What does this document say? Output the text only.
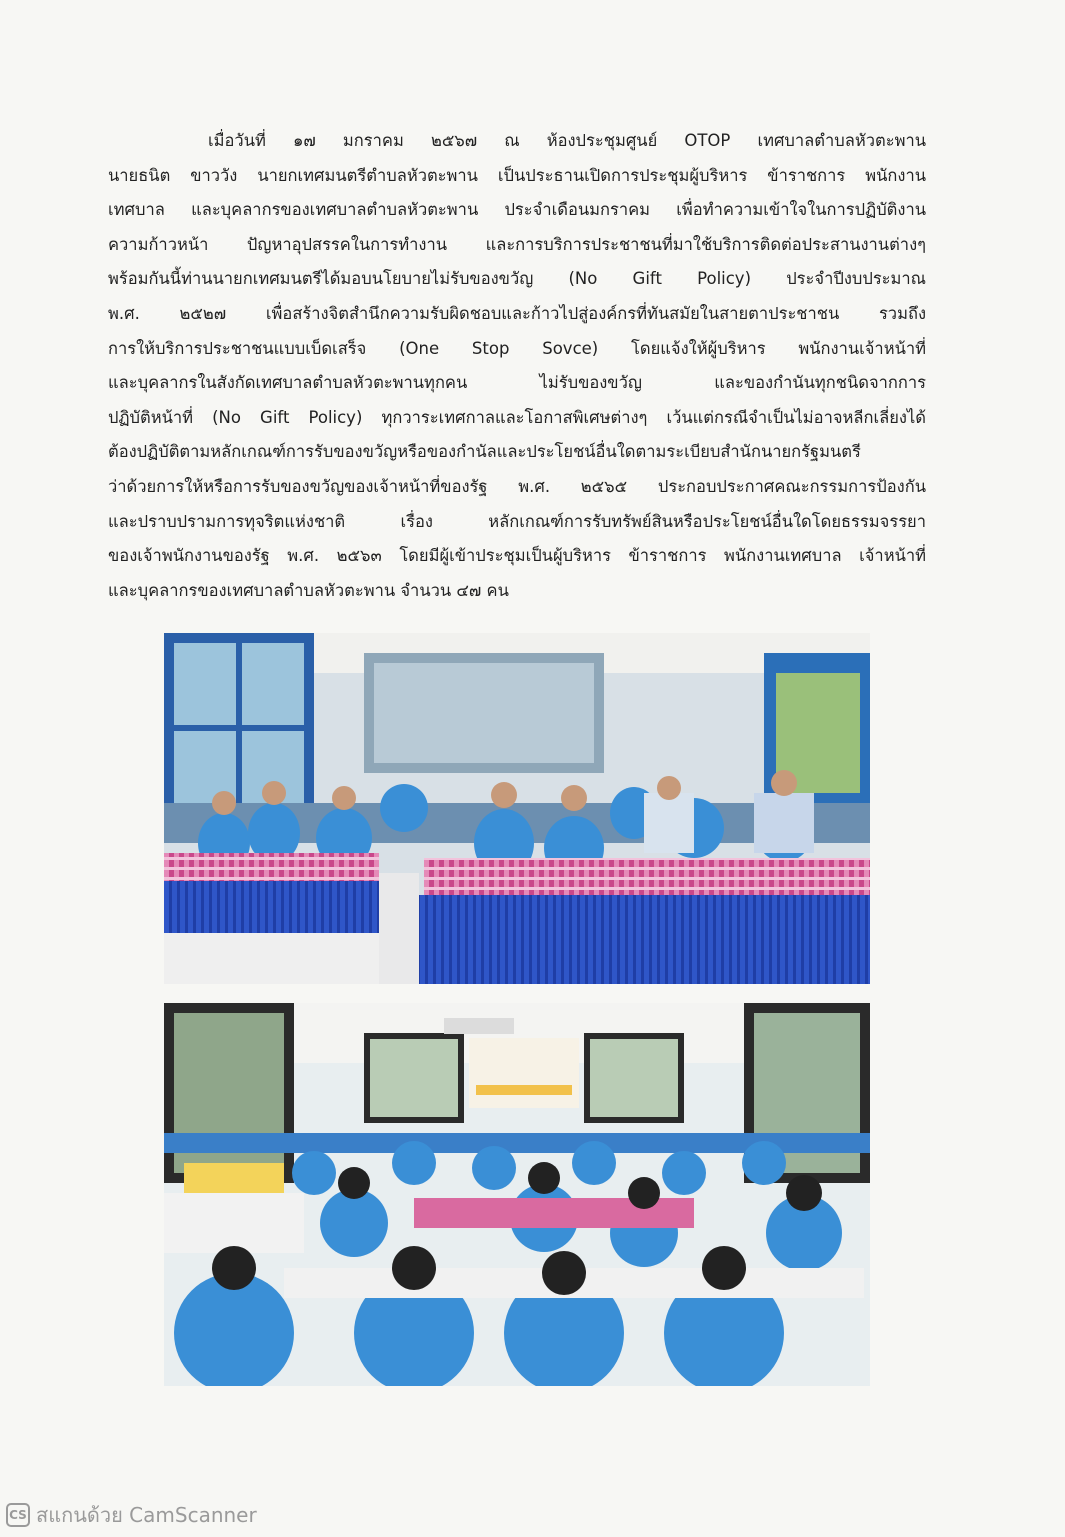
เมื่อวันที่ ๑๗ มกราคม ๒๕๖๗ ณ ห้องประชุมศูนย์ OTOP เทศบาลตำบลหัวตะพาน
นายธนิต ขาววัง นายกเทศมนตรีตำบลหัวตะพาน เป็นประธานเปิดการประชุมผู้บริหาร ข้าราชการ พนักงาน
เทศบาล และบุคลากรของเทศบาลตำบลหัวตะพาน ประจำเดือนมกราคม เพื่อทำความเข้าใจในการปฏิบัติงาน
ความก้าวหน้า ปัญหาอุปสรรคในการทำงาน และการบริการประชาชนที่มาใช้บริการติดต่อประสานงานต่างๆ
พร้อมกันนี้ท่านนายกเทศมนตรีได้มอบนโยบายไม่รับของขวัญ (No Gift Policy) ประจำปีงบประมาณ
พ.ศ. ๒๕๒๗ เพื่อสร้างจิตสำนึกความรับผิดชอบและก้าวไปสู่องค์กรที่ทันสมัยในสายตาประชาชน รวมถึง
การให้บริการประชาชนแบบเบ็ดเสร็จ (One Stop Sovce) โดยแจ้งให้ผู้บริหาร พนักงานเจ้าหน้าที่
และบุคลากรในสังกัดเทศบาลตำบลหัวตะพานทุกคน ไม่รับของขวัญ และของกำนันทุกชนิดจากการ
ปฏิบัติหน้าที่ (No Gift Policy) ทุกวาระเทศกาลและโอกาสพิเศษต่างๆ เว้นแต่กรณีจำเป็นไม่อาจหลีกเลี่ยงได้
ต้องปฏิบัติตามหลักเกณฑ์การรับของขวัญหรือของกำนัลและประโยชน์อื่นใดตามระเบียบสำนักนายกรัฐมนตรี
ว่าด้วยการให้หรือการรับของขวัญของเจ้าหน้าที่ของรัฐ พ.ศ. ๒๕๖๕ ประกอบประกาศคณะกรรมการป้องกัน
และปราบปรามการทุจริตแห่งชาติ เรื่อง หลักเกณฑ์การรับทรัพย์สินหรือประโยชน์อื่นใดโดยธรรมจรรยา
ของเจ้าพนักงานของรัฐ พ.ศ. ๒๕๖๓ โดยมีผู้เข้าประชุมเป็นผู้บริหาร ข้าราชการ พนักงานเทศบาล เจ้าหน้าที่
และบุคลากรของเทศบาลตำบลหัวตะพาน จำนวน ๔๗ คน
CS สแกนด้วย CamScanner
